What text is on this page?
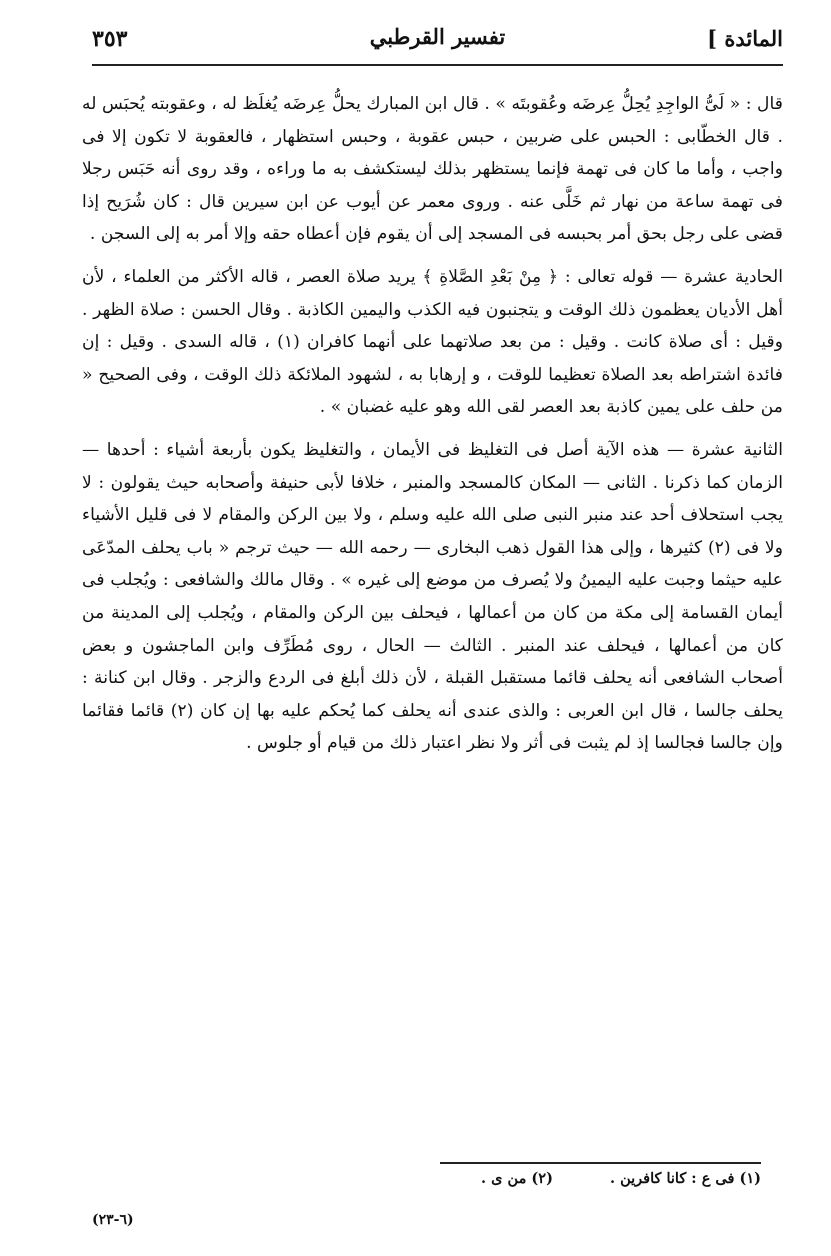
٣٥٣	تفسير القرطبي	المائدة ]

قال : « لَىُّ الواجِدِ يُحِلُّ عِرضَه وعُقوبتَه » . قال ابن المبارك يحلُّ عِرضَه يُغلَظ له ، وعقوبته يُحبَس له . قال الخطّابى : الحبس على ضربين ، حبس عقوبة ، وحبس استظهار ، فالعقوبة لا تكون إلا فى واجب ، وأما ما كان فى تهمة فإنما يستظهر بذلك ليستكشف به ما وراءه ، وقد روى أنه حَبَس رجلا فى تهمة ساعة من نهار ثم خَلَّى عنه . وروى معمر عن أيوب عن ابن سيرين قال : كان شُرَيح إذا قضى على رجل بحق أمر بحبسه فى المسجد إلى أن يقوم فإن أعطاه حقه وإلا أمر به إلى السجن .

الحادية عشرة — قوله تعالى : ﴿ مِنْ بَعْدِ الصَّلاةِ ﴾ يريد صلاة العصر ، قاله الأكثر من العلماء ، لأن أهل الأديان يعظمون ذلك الوقت و يتجنبون فيه الكذب واليمين الكاذبة . وقال الحسن : صلاة الظهر . وقيل : أى صلاة كانت . وقيل : من بعد صلاتهما على أنهما كافران (١) ، قاله السدى . وقيل : إن فائدة اشتراطه بعد الصلاة تعظيما للوقت ، و إرهابا به ، لشهود الملائكة ذلك الوقت ، وفى الصحيح « من حلف على يمين كاذبة بعد العصر لقى الله وهو عليه غضبان » .

الثانية عشرة — هذه الآية أصل فى التغليظ فى الأيمان ، والتغليظ يكون بأربعة أشياء : أحدها — الزمان كما ذكرنا . الثانى — المكان كالمسجد والمنبر ، خلافا لأبى حنيفة وأصحابه حيث يقولون : لا يجب استحلاف أحد عند منبر النبى صلى الله عليه وسلم ، ولا بين الركن والمقام لا فى قليل الأشياء ولا فى (٢) كثيرها ، وإلى هذا القول ذهب البخارى — رحمه الله — حيث ترجم « باب يحلف المدّعَى عليه حيثما وجبت عليه اليمينُ ولا يُصرف من موضع إلى غيره » . وقال مالك والشافعى : ويُجلب فى أيمان القسامة إلى مكة من كان من أعمالها ، فيحلف بين الركن والمقام ، ويُجلب إلى المدينة من كان من أعمالها ، فيحلف عند المنبر . الثالث — الحال ، روى مُطَرِّف وابن الماجشون و بعض أصحاب الشافعى أنه يحلف قائما مستقبل القبلة ، لأن ذلك أبلغ فى الردع والزجر . وقال ابن كنانة : يحلف جالسا ، قال ابن العربى : والذى عندى أنه يحلف كما يُحكم عليه بها إن كان (٢) قائما فقائما وإن جالسا فجالسا إذ لم يثبت فى أثر ولا نظر اعتبار ذلك من قيام أو جلوس .

(١) فى ع : كانا كافرين . (٢) من ى .
(٦-٢٣)
